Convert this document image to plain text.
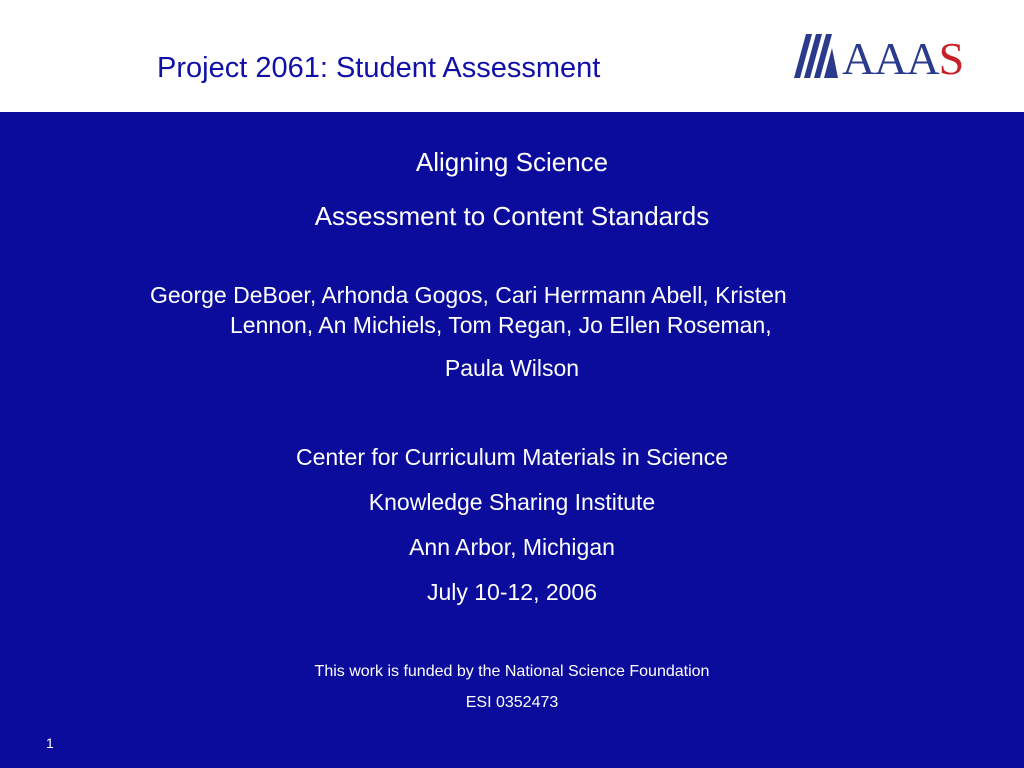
Project 2061: Student Assessment	AAAS
Aligning Science
Assessment to Content Standards
George DeBoer, Arhonda Gogos, Cari Herrmann Abell, Kristen
Lennon, An Michiels, Tom Regan, Jo Ellen Roseman,
Paula Wilson
Center for Curriculum Materials in Science
Knowledge Sharing Institute
Ann Arbor, Michigan
July 10-12, 2006
This work is funded by the National Science Foundation
ESI 0352473
1
